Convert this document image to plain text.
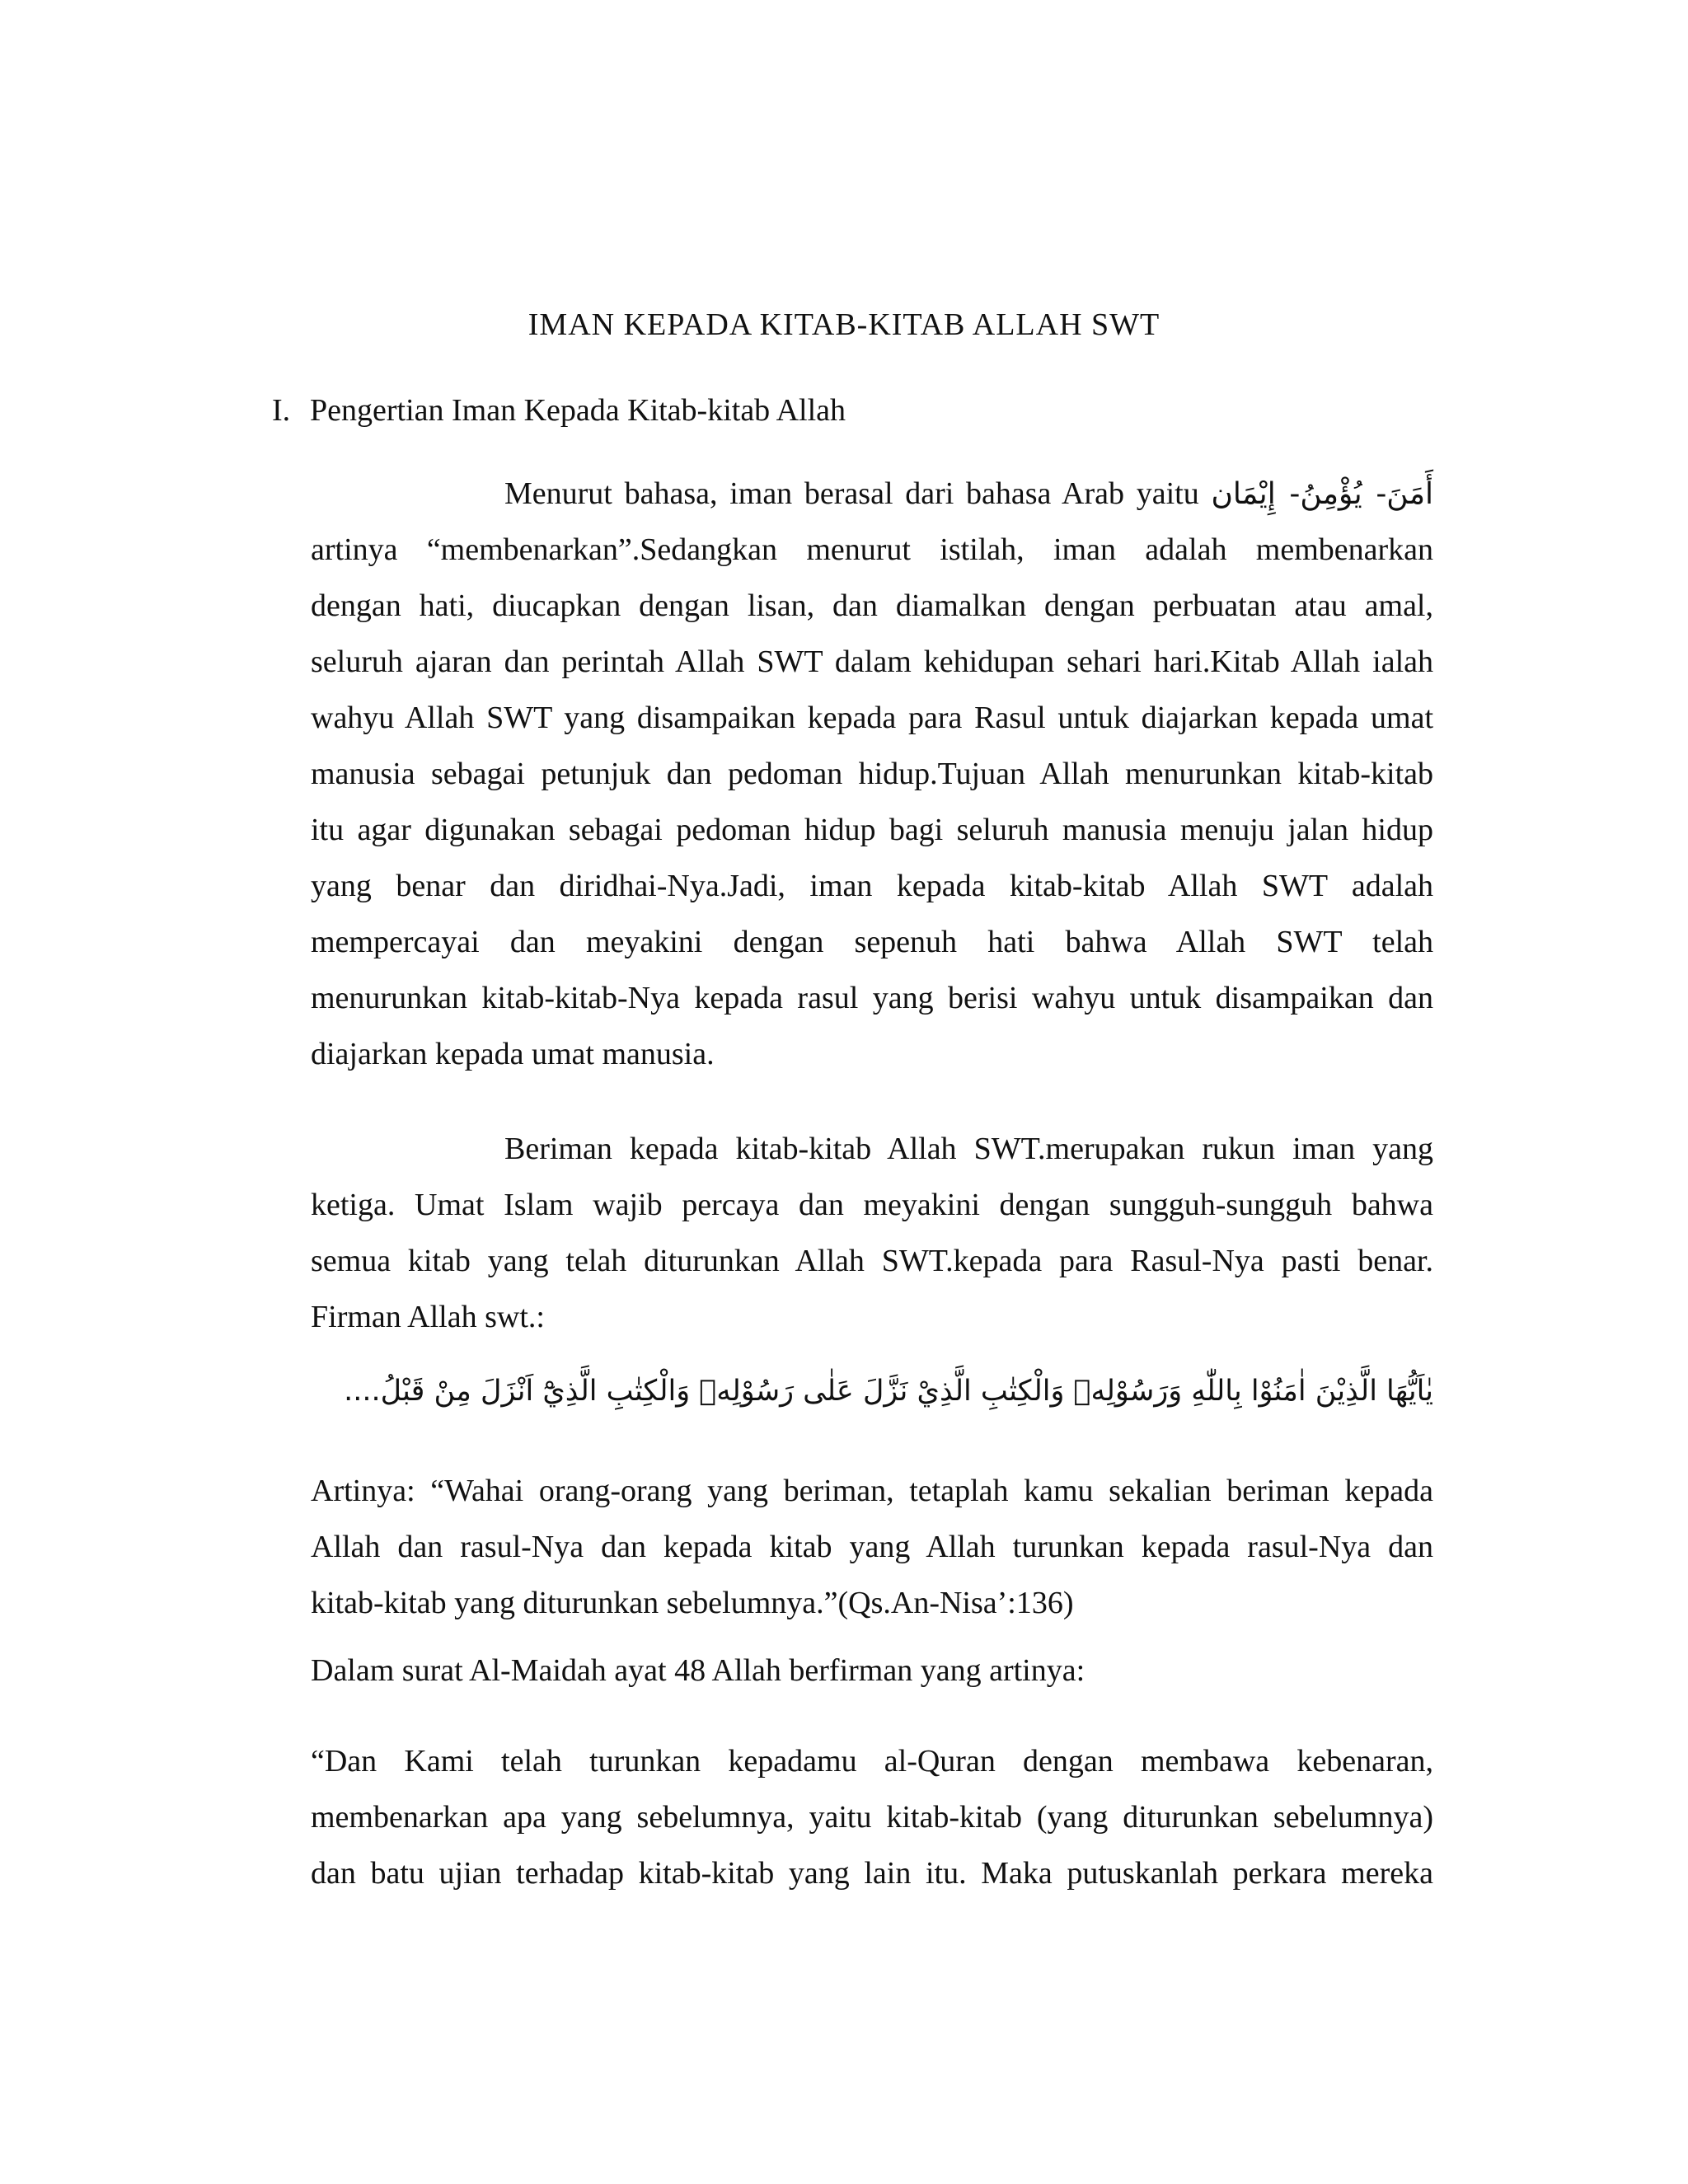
IMAN KEPADA KITAB-KITAB ALLAH SWT
I. Pengertian Iman Kepada Kitab-kitab Allah
Menurut bahasa, iman berasal dari bahasa Arab yaitu أَمَنَ- يُؤْمِنُ- إِيْمَان
artinya “membenarkan”.Sedangkan menurut istilah, iman adalah membenarkan
dengan hati, diucapkan dengan lisan, dan diamalkan dengan perbuatan atau amal,
seluruh ajaran dan perintah Allah SWT dalam kehidupan sehari hari.Kitab Allah ialah
wahyu Allah SWT yang disampaikan kepada para Rasul untuk diajarkan kepada umat
manusia sebagai petunjuk dan pedoman hidup.Tujuan Allah menurunkan kitab-kitab
itu agar digunakan sebagai pedoman hidup bagi seluruh manusia menuju jalan hidup
yang benar dan diridhai-Nya.Jadi, iman kepada kitab-kitab Allah SWT adalah
mempercayai dan meyakini dengan sepenuh hati bahwa Allah SWT telah
menurunkan kitab-kitab-Nya kepada rasul yang berisi wahyu untuk disampaikan dan
diajarkan kepada umat manusia.
Beriman kepada kitab-kitab Allah SWT.merupakan rukun iman yang
ketiga. Umat Islam wajib percaya dan meyakini dengan sungguh-sungguh bahwa
semua kitab yang telah diturunkan Allah SWT.kepada para Rasul-Nya pasti benar.
Firman Allah swt.:
يٰاَيُّهَا الَّذِيْنَ اٰمَنُوْا بِاللّٰهِ وَرَسُوْلِهٖ وَالْكِتٰبِ الَّذِيْ نَزَّلَ عَلٰى رَسُوْلِهٖ وَالْكِتٰبِ الَّذِيْٓ اَنْزَلَ مِنْ قَبْلُ....
Artinya: “Wahai orang-orang yang beriman, tetaplah kamu sekalian beriman kepada
Allah dan rasul-Nya dan kepada kitab yang Allah turunkan kepada rasul-Nya dan
kitab-kitab yang diturunkan sebelumnya.”(Qs.An-Nisa’:136)
Dalam surat Al-Maidah ayat 48 Allah berfirman yang artinya:
“Dan Kami telah turunkan kepadamu al-Quran dengan membawa kebenaran,
membenarkan apa yang sebelumnya, yaitu kitab-kitab (yang diturunkan sebelumnya)
dan batu ujian terhadap kitab-kitab yang lain itu. Maka putuskanlah perkara mereka
